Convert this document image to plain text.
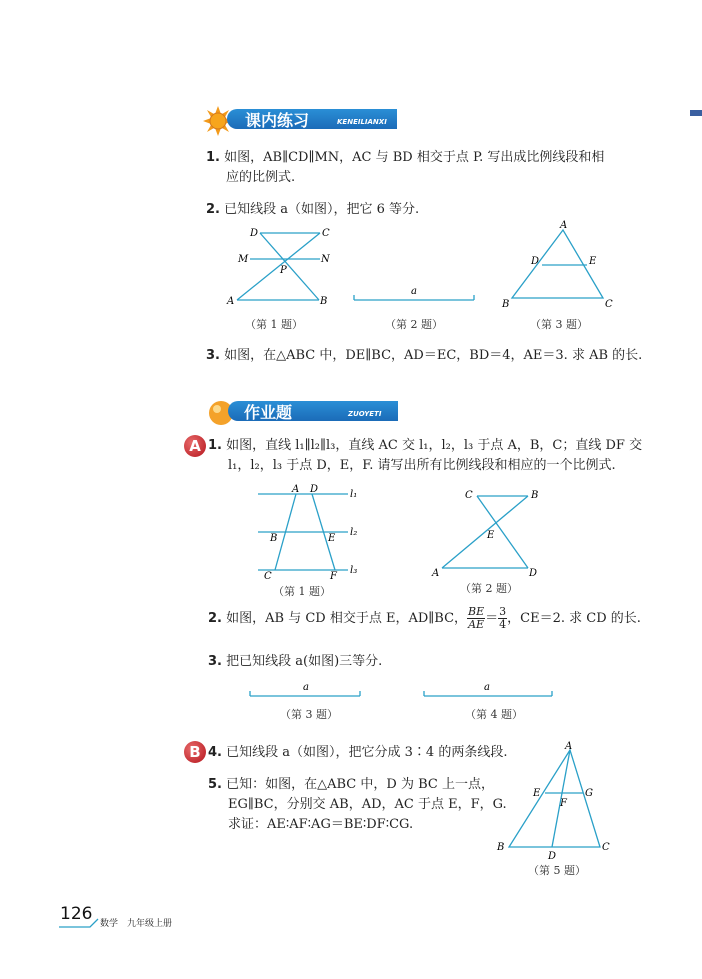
课内练习	KENEILIANXI
1. 如图，AB∥CD∥MN，AC 与 BD 相交于点 P. 写出成比例线段和相
应的比例式.
2. 已知线段 a（如图），把它 6 等分.
D	C
M	N
P
A	B
（第 1 题）
a
（第 2 题）
A
D	E
B	C
（第 3 题）
3. 如图，在△ABC 中，DE∥BC，AD＝EC，BD＝4，AE＝3. 求 AB 的长.
作业题	ZUOYETI
A 1. 如图，直线 l₁∥l₂∥l₃，直线 AC 交 l₁，l₂，l₃ 于点 A，B，C；直线 DF 交
l₁，l₂，l₃ 于点 D，E，F. 请写出所有比例线段和相应的一个比例式.
A D	l₁
l₂
l₃
B	E
C	F
（第 1 题）
C	B
E
A	D
（第 2 题）
2. 如图，AB 与 CD 相交于点 E，AD∥BC， $\frac{BE}{AE} = \frac{3}{4}$ ，CE＝2. 求 CD 的长.
3. 把已知线段 a(如图)三等分.
a
（第 3 题）
a
（第 4 题）
B 4. 已知线段 a（如图），把它分成 3∶4 的两条线段.
5. 已知：如图，在△ABC 中，D 为 BC 上一点，
EG∥BC，分别交 AB，AD，AC 于点 E，F，G.
求证：AE∶AF∶AG＝BE∶DF∶CG.
A
E	G
F
B
D
C
（第 5 题）
126 数学　九年级上册
